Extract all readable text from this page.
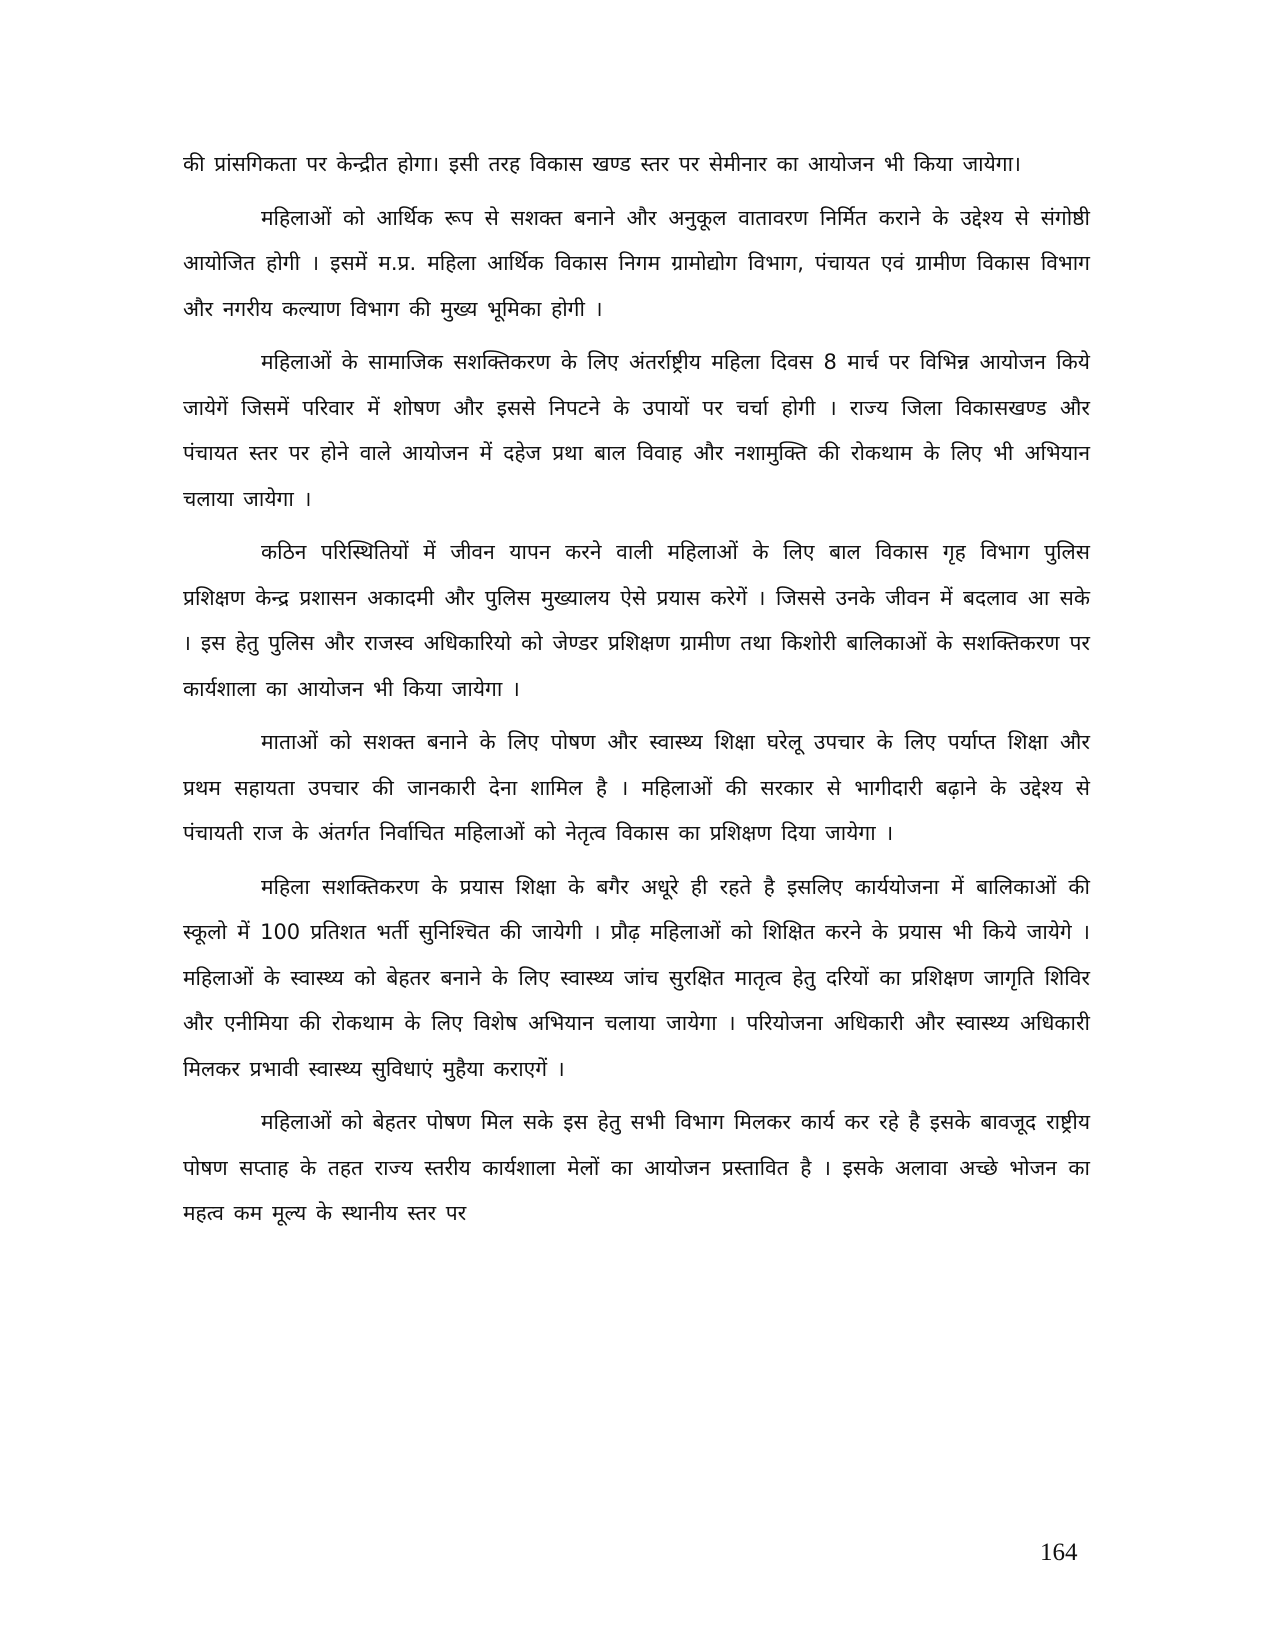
की प्रांसगिकता पर केन्द्रीत होगा। इसी तरह विकास खण्ड स्तर पर सेमीनार का आयोजन भी किया जायेगा।

महिलाओं को आर्थिक रूप से सशक्त बनाने और अनुकूल वातावरण निर्मित कराने के उद्देश्य से संगोष्ठी आयोजित होगी । इसमें म.प्र. महिला आर्थिक विकास निगम ग्रामोद्योग विभाग, पंचायत एवं ग्रामीण विकास विभाग और नगरीय कल्याण विभाग की मुख्य भूमिका होगी ।

महिलाओं के सामाजिक सशक्तिकरण के लिए अंतर्राष्ट्रीय महिला दिवस 8 मार्च पर विभिन्न आयोजन किये जायेगें जिसमें परिवार में शोषण और इससे निपटने के उपायों पर चर्चा होगी । राज्य जिला विकासखण्ड और पंचायत स्तर पर होने वाले आयोजन में दहेज प्रथा बाल विवाह और नशामुक्ति की रोकथाम के लिए भी अभियान चलाया जायेगा ।

कठिन परिस्थितियों में जीवन यापन करने वाली महिलाओं के लिए बाल विकास गृह विभाग पुलिस प्रशिक्षण केन्द्र प्रशासन अकादमी और पुलिस मुख्यालय ऐसे प्रयास करेगें । जिससे उनके जीवन में बदलाव आ सके । इस हेतु पुलिस और राजस्व अधिकारियो को जेण्डर प्रशिक्षण ग्रामीण तथा किशोरी बालिकाओं के सशक्तिकरण पर कार्यशाला का आयोजन भी किया जायेगा ।

माताओं को सशक्त बनाने के लिए पोषण और स्वास्थ्य शिक्षा घरेलू उपचार के लिए पर्याप्त शिक्षा और प्रथम सहायता उपचार की जानकारी देना शामिल है । महिलाओं की सरकार से भागीदारी बढ़ाने के उद्देश्य से पंचायती राज के अंतर्गत निर्वाचित महिलाओं को नेतृत्व विकास का प्रशिक्षण दिया जायेगा ।

महिला सशक्तिकरण के प्रयास शिक्षा के बगैर अधूरे ही रहते है इसलिए कार्ययोजना में बालिकाओं की स्कूलो में 100 प्रतिशत भर्ती सुनिश्चित की जायेगी । प्रौढ़ महिलाओं को शिक्षित करने के प्रयास भी किये जायेगे । महिलाओं के स्वास्थ्य को बेहतर बनाने के लिए स्वास्थ्य जांच सुरक्षित मातृत्व हेतु दरियों का प्रशिक्षण जागृति शिविर और एनीमिया की रोकथाम के लिए विशेष अभियान चलाया जायेगा । परियोजना अधिकारी और स्वास्थ्य अधिकारी मिलकर प्रभावी स्वास्थ्य सुविधाएं मुहैया कराएगें ।

महिलाओं को बेहतर पोषण मिल सके इस हेतु सभी विभाग मिलकर कार्य कर रहे है इसके बावजूद राष्ट्रीय पोषण सप्ताह के तहत राज्य स्तरीय कार्यशाला मेलों का आयोजन प्रस्तावित है । इसके अलावा अच्छे भोजन का महत्व कम मूल्य के स्थानीय स्तर पर

164
